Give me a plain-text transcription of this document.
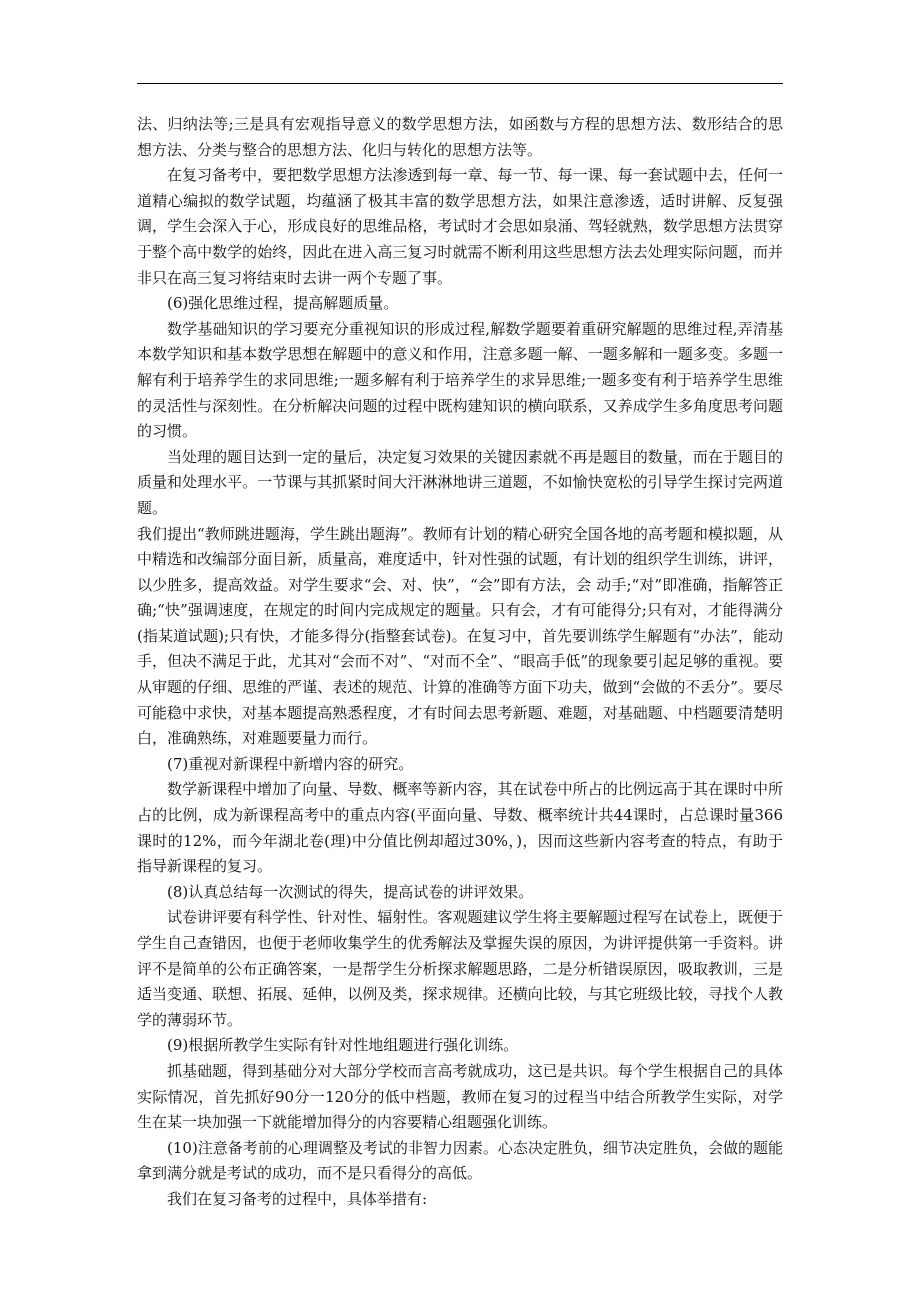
法、归纳法等;三是具有宏观指导意义的数学思想方法，如函数与方程的思想方法、数形结合的思想方法、分类与整合的思想方法、化归与转化的思想方法等。

在复习备考中，要把数学思想方法渗透到每一章、每一节、每一课、每一套试题中去，任何一道精心编拟的数学试题，均蕴涵了极其丰富的数学思想方法，如果注意渗透，适时讲解、反复强调，学生会深入于心，形成良好的思维品格，考试时才会思如泉涌、驾轻就熟，数学思想方法贯穿于整个高中数学的始终，因此在进入高三复习时就需不断利用这些思想方法去处理实际问题，而并非只在高三复习将结束时去讲一两个专题了事。

(6)强化思维过程，提高解题质量。

数学基础知识的学习要充分重视知识的形成过程,解数学题要着重研究解题的思维过程,弄清基本数学知识和基本数学思想在解题中的意义和作用，注意多题一解、一题多解和一题多变。多题一解有利于培养学生的求同思维;一题多解有利于培养学生的求异思维;一题多变有利于培养学生思维的灵活性与深刻性。在分析解决问题的过程中既构建知识的横向联系，又养成学生多角度思考问题的习惯。

当处理的题目达到一定的量后，决定复习效果的关键因素就不再是题目的数量，而在于题目的质量和处理水平。一节课与其抓紧时间大汗淋淋地讲三道题，不如愉快宽松的引导学生探讨完两道题。

我们提出“教师跳进题海，学生跳出题海”。教师有计划的精心研究全国各地的高考题和模拟题，从中精选和改编部分面目新，质量高，难度适中，针对性强的试题，有计划的组织学生训练，讲评，以少胜多，提高效益。对学生要求“会、对、快”，“会”即有方法，会 动手;“对”即准确，指解答正确;“快”强调速度，在规定的时间内完成规定的题量。只有会，才有可能得分;只有对，才能得满分(指某道试题);只有快，才能多得分(指整套试卷)。在复习中，首先要训练学生解题有“办法”，能动手，但决不满足于此，尤其对“会而不对”、“对而不全”、“眼高手低”的现象要引起足够的重视。要从审题的仔细、思维的严谨、表述的规范、计算的准确等方面下功夫，做到“会做的不丢分”。要尽可能稳中求快，对基本题提高熟悉程度，才有时间去思考新题、难题，对基础题、中档题要清楚明白，准确熟练，对难题要量力而行。

(7)重视对新课程中新增内容的研究。

数学新课程中增加了向量、导数、概率等新内容，其在试卷中所占的比例远高于其在课时中所占的比例，成为新课程高考中的重点内容(平面向量、导数、概率统计共44课时，占总课时量366课时的12%，而今年湖北卷(理)中分值比例却超过30%，)，因而这些新内容考查的特点，有助于指导新课程的复习。

(8)认真总结每一次测试的得失，提高试卷的讲评效果。

试卷讲评要有科学性、针对性、辐射性。客观题建议学生将主要解题过程写在试卷上，既便于学生自己查错因，也便于老师收集学生的优秀解法及掌握失误的原因，为讲评提供第一手资料。讲评不是简单的公布正确答案，一是帮学生分析探求解题思路，二是分析错误原因，吸取教训，三是适当变通、联想、拓展、延伸，以例及类，探求规律。还横向比较，与其它班级比较，寻找个人教学的薄弱环节。

(9)根据所教学生实际有针对性地组题进行强化训练。

抓基础题，得到基础分对大部分学校而言高考就成功，这已是共识。每个学生根据自己的具体实际情况，首先抓好90分一120分的低中档题，教师在复习的过程当中结合所教学生实际，对学生在某一块加强一下就能增加得分的内容要精心组题强化训练。

(10)注意备考前的心理调整及考试的非智力因素。心态决定胜负，细节决定胜负，会做的题能拿到满分就是考试的成功，而不是只看得分的高低。

我们在复习备考的过程中，具体举措有:
